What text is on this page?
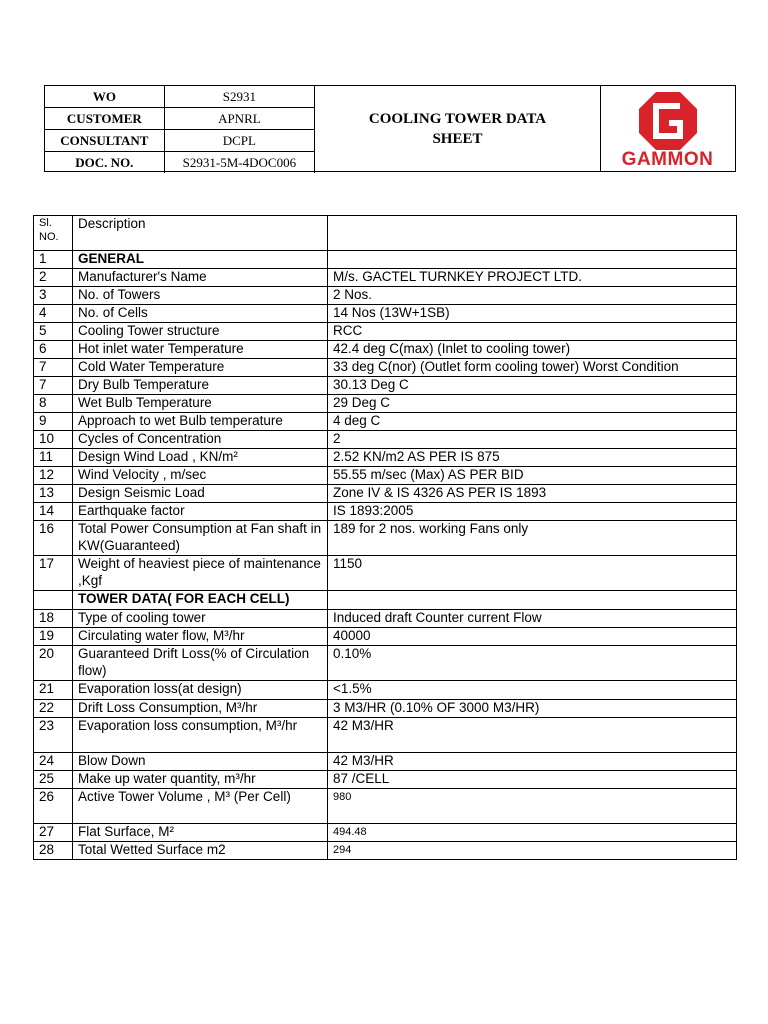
WO	S2931
CUSTOMER	APNRL
CONSULTANT	DCPL
DOC. NO.	S2931-5M-4DOC006
COOLING TOWER DATA
SHEET
GAMMON
Sl.
NO.	Description	
1	GENERAL	
2	Manufacturer's Name	M/s. GACTEL TURNKEY PROJECT LTD.
3	No. of Towers	2 Nos.
4	No. of Cells	14 Nos (13W+1SB)
5	Cooling Tower structure	RCC
6	Hot inlet water Temperature	42.4 deg C(max) (Inlet to cooling tower)
7	Cold Water Temperature	33 deg C(nor) (Outlet form cooling tower) Worst Condition
7	Dry Bulb Temperature	30.13 Deg C
8	Wet Bulb Temperature	29 Deg C
9	Approach to wet Bulb temperature	4 deg C
10	Cycles of Concentration	2
11	Design Wind Load , KN/m²	2.52 KN/m2 AS PER IS 875
12	Wind Velocity , m/sec	55.55 m/sec (Max) AS PER BID
13	Design Seismic Load	Zone IV & IS 4326 AS PER IS 1893
14	Earthquake factor	IS 1893:2005
16	Total Power Consumption at Fan shaft in KW(Guaranteed)	189 for 2 nos. working Fans only
17	Weight of heaviest piece of maintenance ,Kgf	1150
	TOWER DATA( FOR EACH CELL)	
18	Type of cooling tower	Induced draft Counter current Flow
19	Circulating water flow, M³/hr	40000
20	Guaranteed Drift Loss(% of Circulation flow)	0.10%
21	Evaporation loss(at design)	<1.5%
22	Drift Loss Consumption, M³/hr	3 M3/HR (0.10% OF 3000 M3/HR)
23	Evaporation loss consumption, M³/hr	42 M3/HR
24	Blow Down	42 M3/HR
25	Make up water quantity, m³/hr	87 /CELL
26	Active Tower Volume , M³ (Per Cell)	980
27	Flat Surface, M²	494.48
28	Total Wetted Surface m2	294
